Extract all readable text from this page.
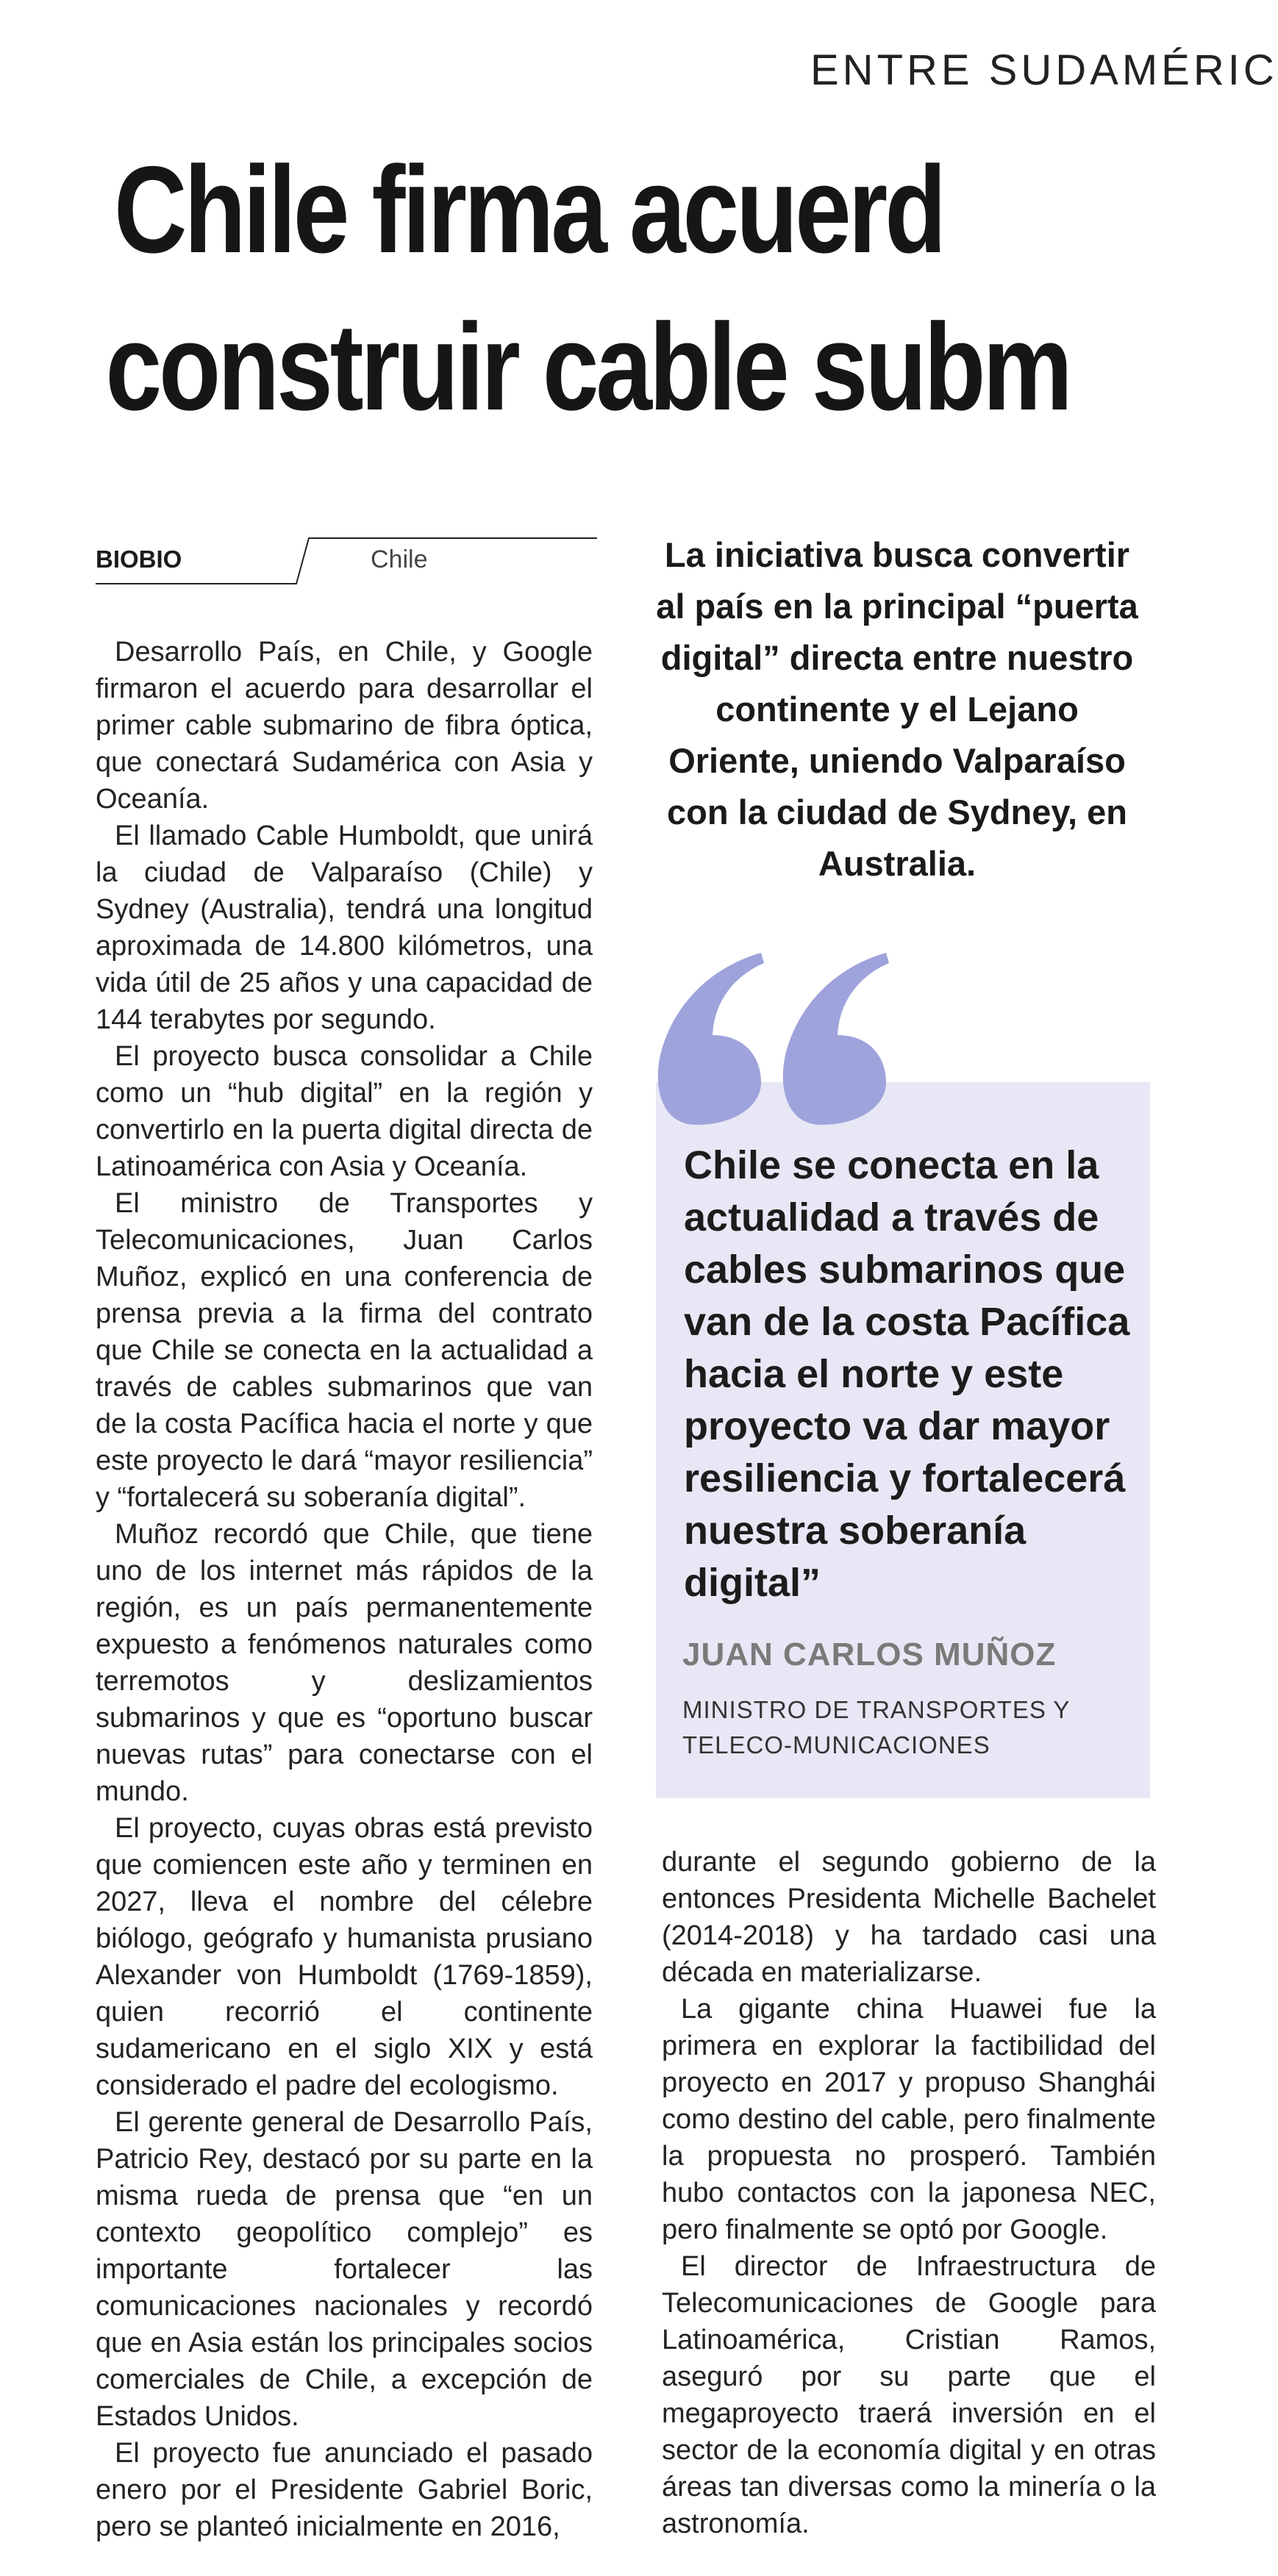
ENTRE SUDAMÉRIC
Chile firma acuerd
construir cable subm
BIOBIO	Chile

Desarrollo País, en Chile, y Google firmaron el acuerdo para desarrollar el primer cable submarino de fibra óptica, que conectará Sudamérica con Asia y Oceanía.

El llamado Cable Humboldt, que unirá la ciudad de Valparaíso (Chile) y Sydney (Australia), tendrá una longitud aproximada de 14.800 kilómetros, una vida útil de 25 años y una capacidad de 144 terabytes por segundo.

El proyecto busca consolidar a Chile como un “hub digital” en la región y convertirlo en la puerta digital directa de Latinoamérica con Asia y Oceanía.

El ministro de Transportes y Telecomunicaciones, Juan Carlos Muñoz, explicó en una conferencia de prensa previa a la firma del contrato que Chile se conecta en la actualidad a través de cables submarinos que van de la costa Pacífica hacia el norte y que este proyecto le dará “mayor resiliencia” y “fortalecerá su soberanía digital”.

Muñoz recordó que Chile, que tiene uno de los internet más rápidos de la región, es un país permanentemente expuesto a fenómenos naturales como terremotos y deslizamientos submarinos y que es “oportuno buscar nuevas rutas” para conectarse con el mundo.

El proyecto, cuyas obras está previsto que comiencen este año y terminen en 2027, lleva el nombre del célebre biólogo, geógrafo y humanista prusiano Alexander von Humboldt (1769-1859), quien recorrió el continente sudamericano en el siglo XIX y está considerado el padre del ecologismo.

El gerente general de Desarrollo País, Patricio Rey, destacó por su parte en la misma rueda de prensa que “en un contexto geopolítico complejo” es importante fortalecer las comunicaciones nacionales y recordó que en Asia están los principales socios comerciales de Chile, a excepción de Estados Unidos.

El proyecto fue anunciado el pasado enero por el Presidente Gabriel Boric, pero se planteó inicialmente en 2016,

La iniciativa busca convertir al país en la principal “puerta digital” directa entre nuestro continente y el Lejano Oriente, uniendo Valparaíso con la ciudad de Sydney, en Australia.
Chile se conecta en la actualidad a través de cables submarinos que van de la costa Pacífica hacia el norte y este proyecto va dar mayor resiliencia y fortalecerá nuestra soberanía digital”
JUAN CARLOS MUÑOZ
MINISTRO DE TRANSPORTES Y TELECO-MUNICACIONES

durante el segundo gobierno de la entonces Presidenta Michelle Bachelet (2014-2018) y ha tardado casi una década en materializarse.

La gigante china Huawei fue la primera en explorar la factibilidad del proyecto en 2017 y propuso Shanghái como destino del cable, pero finalmente la propuesta no prosperó. También hubo contactos con la japonesa NEC, pero finalmente se optó por Google.

El director de Infraestructura de Telecomunicaciones de Google para Latinoamérica, Cristian Ramos, aseguró por su parte que el megaproyecto traerá inversión en el sector de la economía digital y en otras áreas tan diversas como la minería o la astronomía.
